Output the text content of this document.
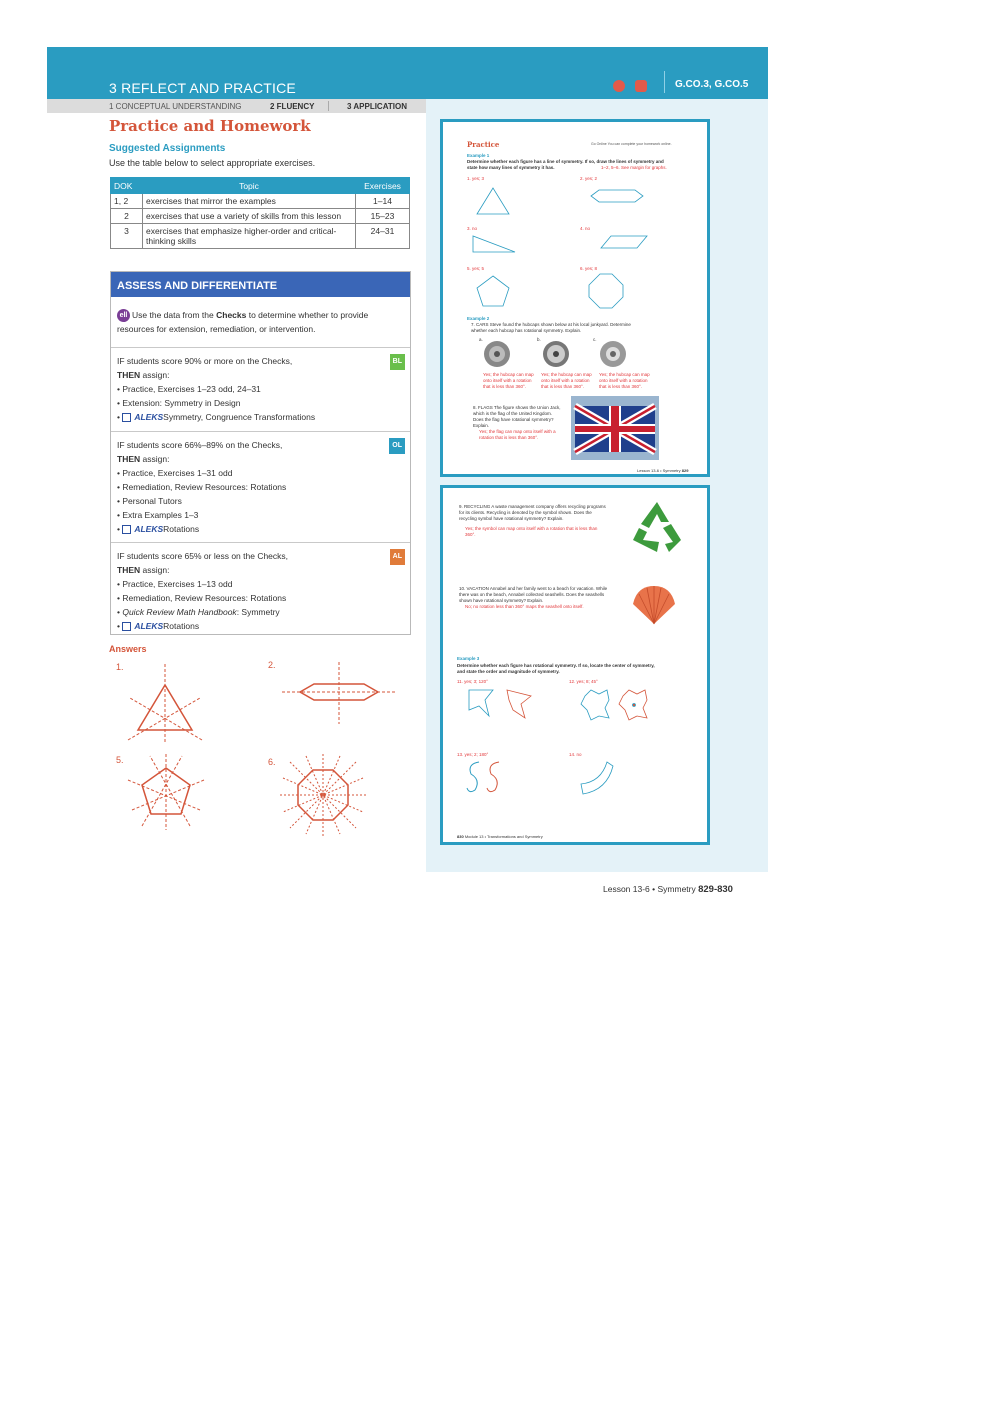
3 REFLECT AND PRACTICE
	G.CO.3, G.CO.5
1 CONCEPTUAL UNDERSTANDING	2 FLUENCY	3 APPLICATION
Practice and Homework
Suggested Assignments
Use the table below to select appropriate exercises.
DOK	Topic	Exercises
1, 2	exercises that mirror the examples	1–14
2	exercises that use a variety of skills from this lesson	15–23
3	exercises that emphasize higher-order and critical-thinking skills	24–31
ASSESS AND DIFFERENTIATE
ell Use the data from the Checks to determine whether to provide resources for extension, remediation, or intervention.
BL
IF students score 90% or more on the Checks,
THEN assign:
• Practice, Exercises 1–23 odd, 24–31
• Extension: Symmetry in Design
• ALEKSSymmetry, Congruence Transformations
OL
IF students score 66%–89% on the Checks,
THEN assign:
• Practice, Exercises 1–31 odd
• Remediation, Review Resources: Rotations
• Personal Tutors
• Extra Examples 1–3
• ALEKSRotations
AL
IF students score 65% or less on the Checks,
THEN assign:
• Practice, Exercises 1–13 odd
• Remediation, Review Resources: Rotations
• Quick Review Math Handbook: Symmetry
• ALEKSRotations
Answers
1.	2.
5.	6.
Practice	Go Online You can complete your homework online.
Example 1
Determine whether each figure has a line of symmetry. If so, draw the lines of symmetry and state how many lines of symmetry it has.	1–2, 5–6. See margin for graphs.
1. yes; 3	2. yes; 2
3. no	4. no
5. yes; 5	6. yes; 8
Example 2
7. CARS Steve found the hubcaps shown below at his local junkyard. Determine whether each hubcap has rotational symmetry. Explain.
a.	b.	c.
Yes; the hubcap can map onto itself with a rotation that is less than 360°.
Yes; the hubcap can map onto itself with a rotation that is less than 360°.
Yes; the hubcap can map onto itself with a rotation that is less than 360°.
8. FLAGS The figure shows the Union Jack, which is the flag of the United Kingdom. Does the flag have rotational symmetry? Explain.
Yes; the flag can map onto itself with a rotation that is less than 360°.
Lesson 13-6 • Symmetry 829
9. RECYCLING A waste management company offers recycling programs for its clients. Recycling is denoted by the symbol shown. Does the recycling symbol have rotational symmetry? Explain.
Yes; the symbol can map onto itself with a rotation that is less than 360°.
10. VACATION Annabel and her family went to a beach for vacation. While there was on the beach, Annabel collected seashells. Does the seashells shown have rotational symmetry? Explain.
No; no rotation less than 360° maps the seashell onto itself.
Example 3
Determine whether each figure has rotational symmetry. If so, locate the center of symmetry, and state the order and magnitude of symmetry.
11. yes; 3; 120°	12. yes; 8; 45°
13. yes; 2; 180°	14. no
830 Module 13 • Transformations and Symmetry
Lesson 13-6 • Symmetry 829-830
